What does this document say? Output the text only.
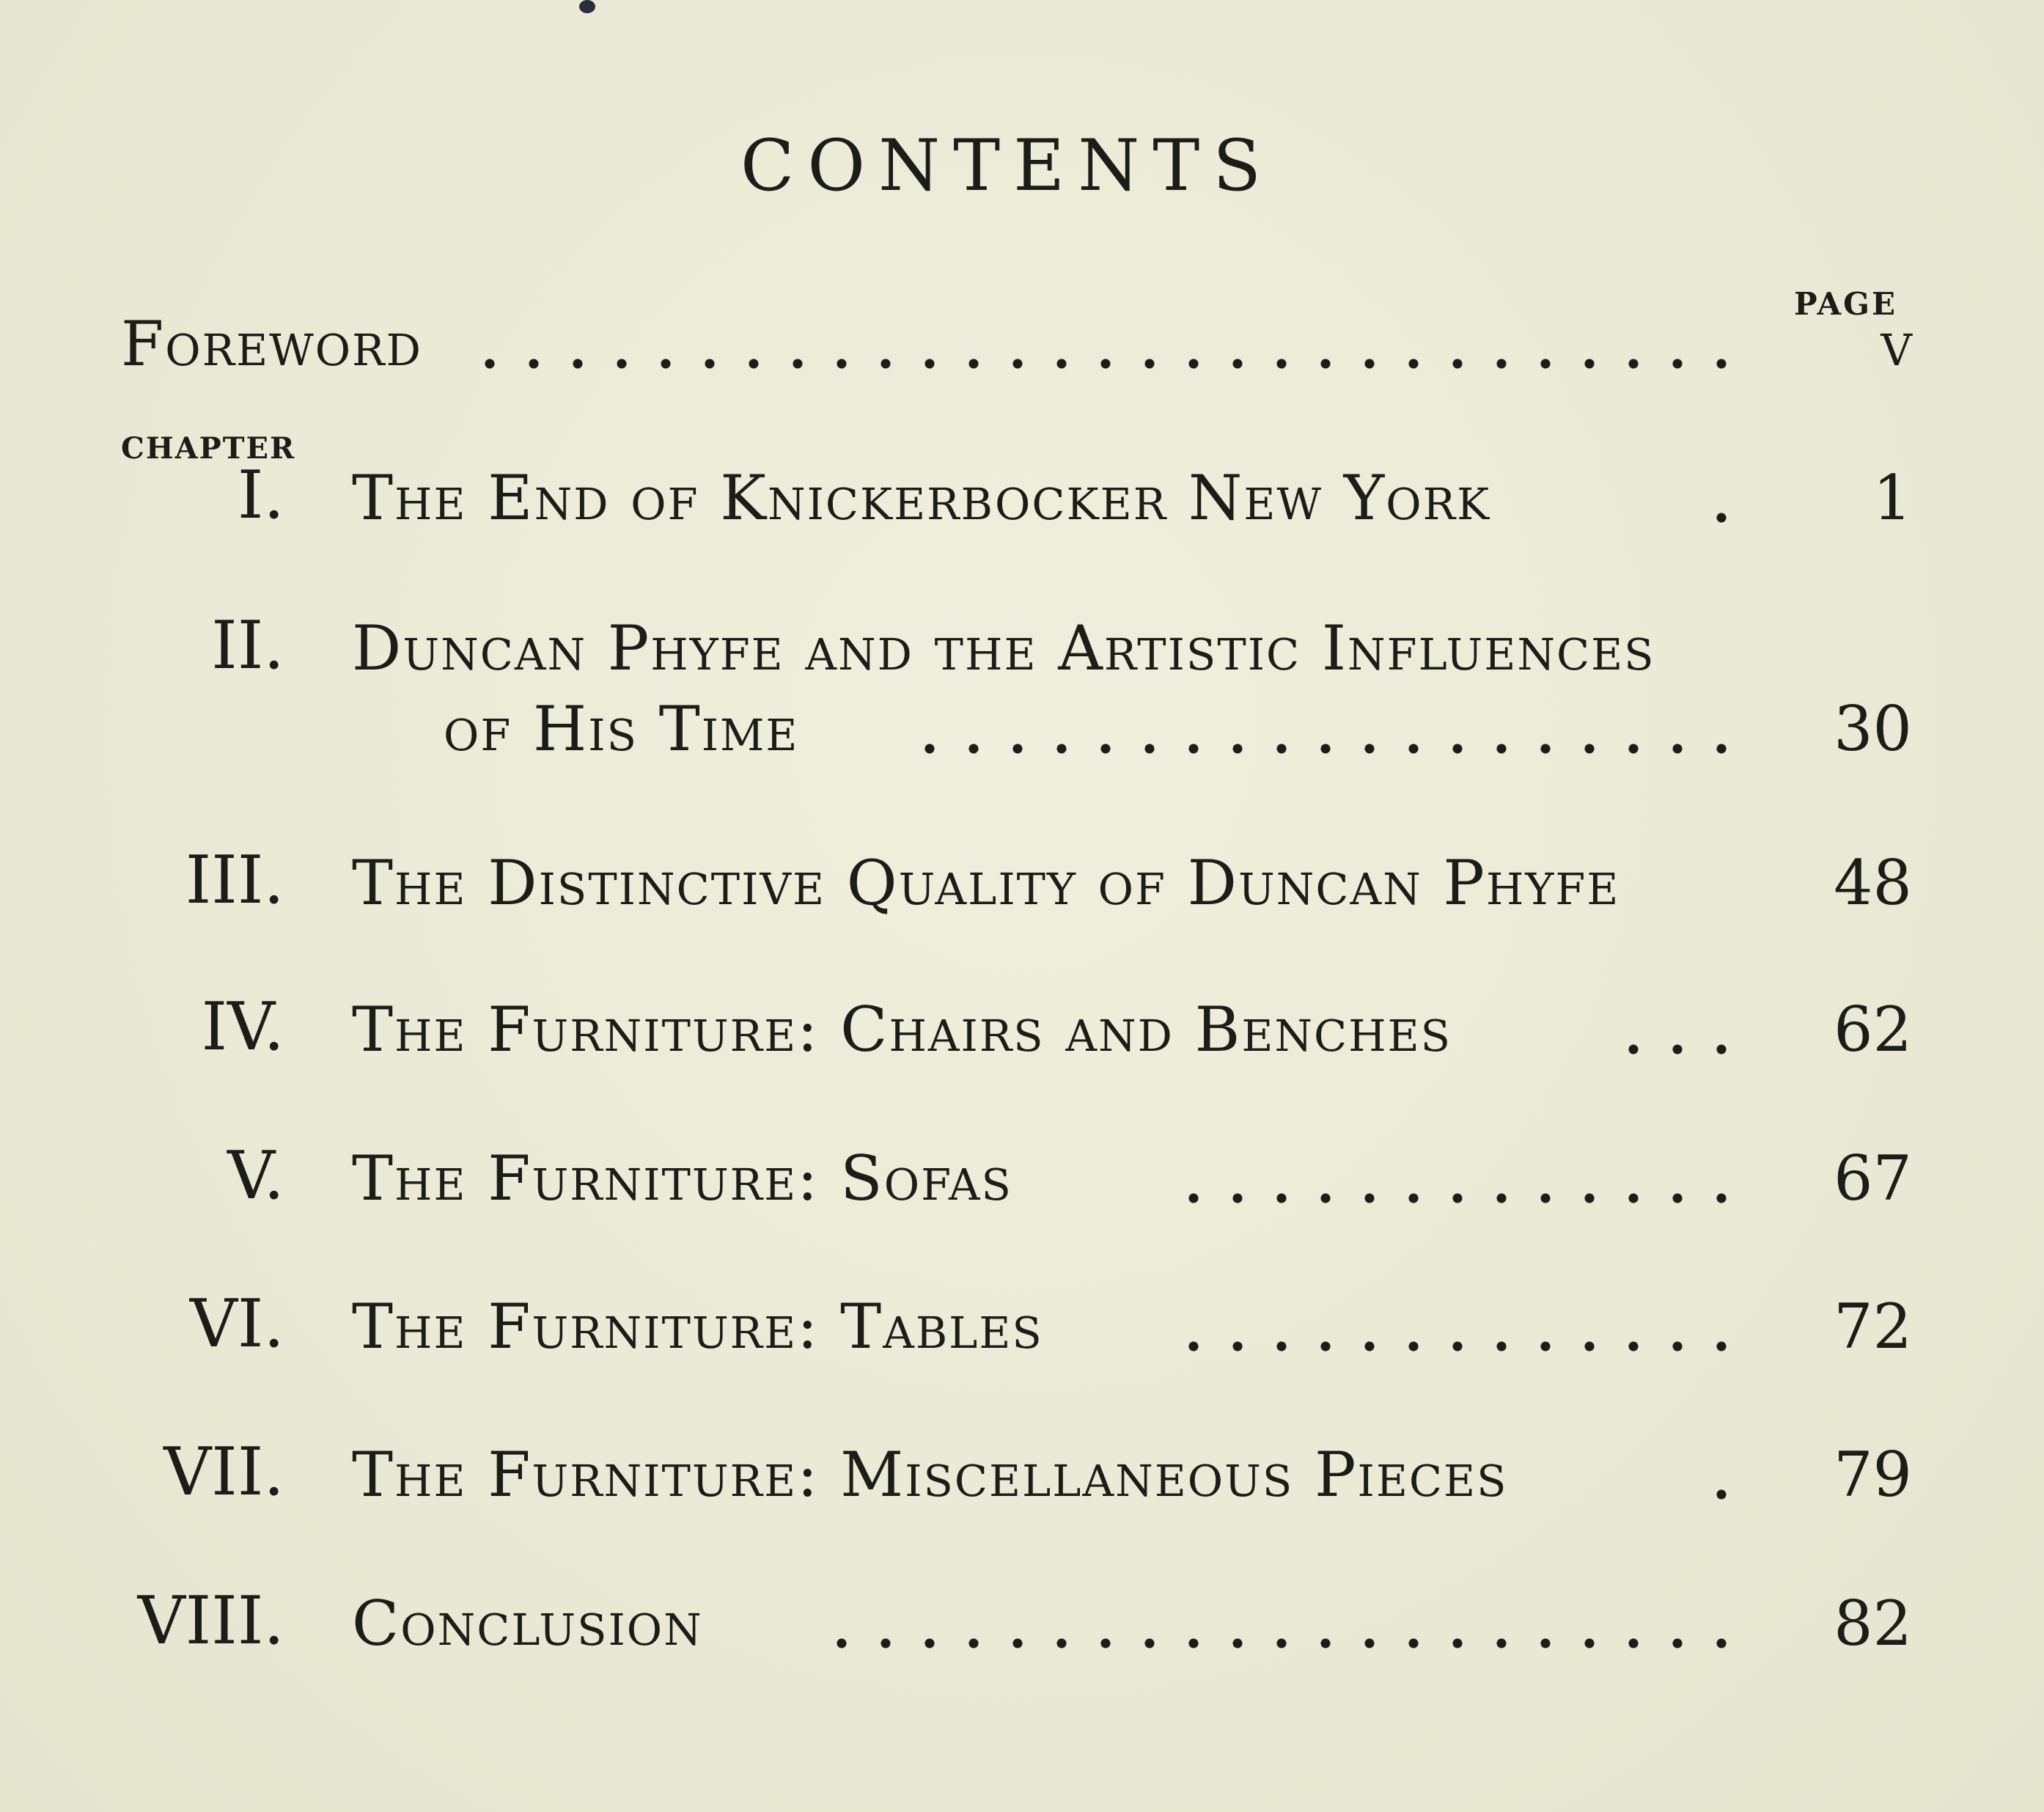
CONTENTS
PAGE
Foreword	v
CHAPTER
I. The End of Knickerbocker New York	1
II. Duncan Phyfe and the Artistic Influences
of His Time	30
III. The Distinctive Quality of Duncan Phyfe	48
IV. The Furniture: Chairs and Benches	62
V. The Furniture: Sofas	67
VI. The Furniture: Tables	72
VII. The Furniture: Miscellaneous Pieces	79
VIII. Conclusion	82
